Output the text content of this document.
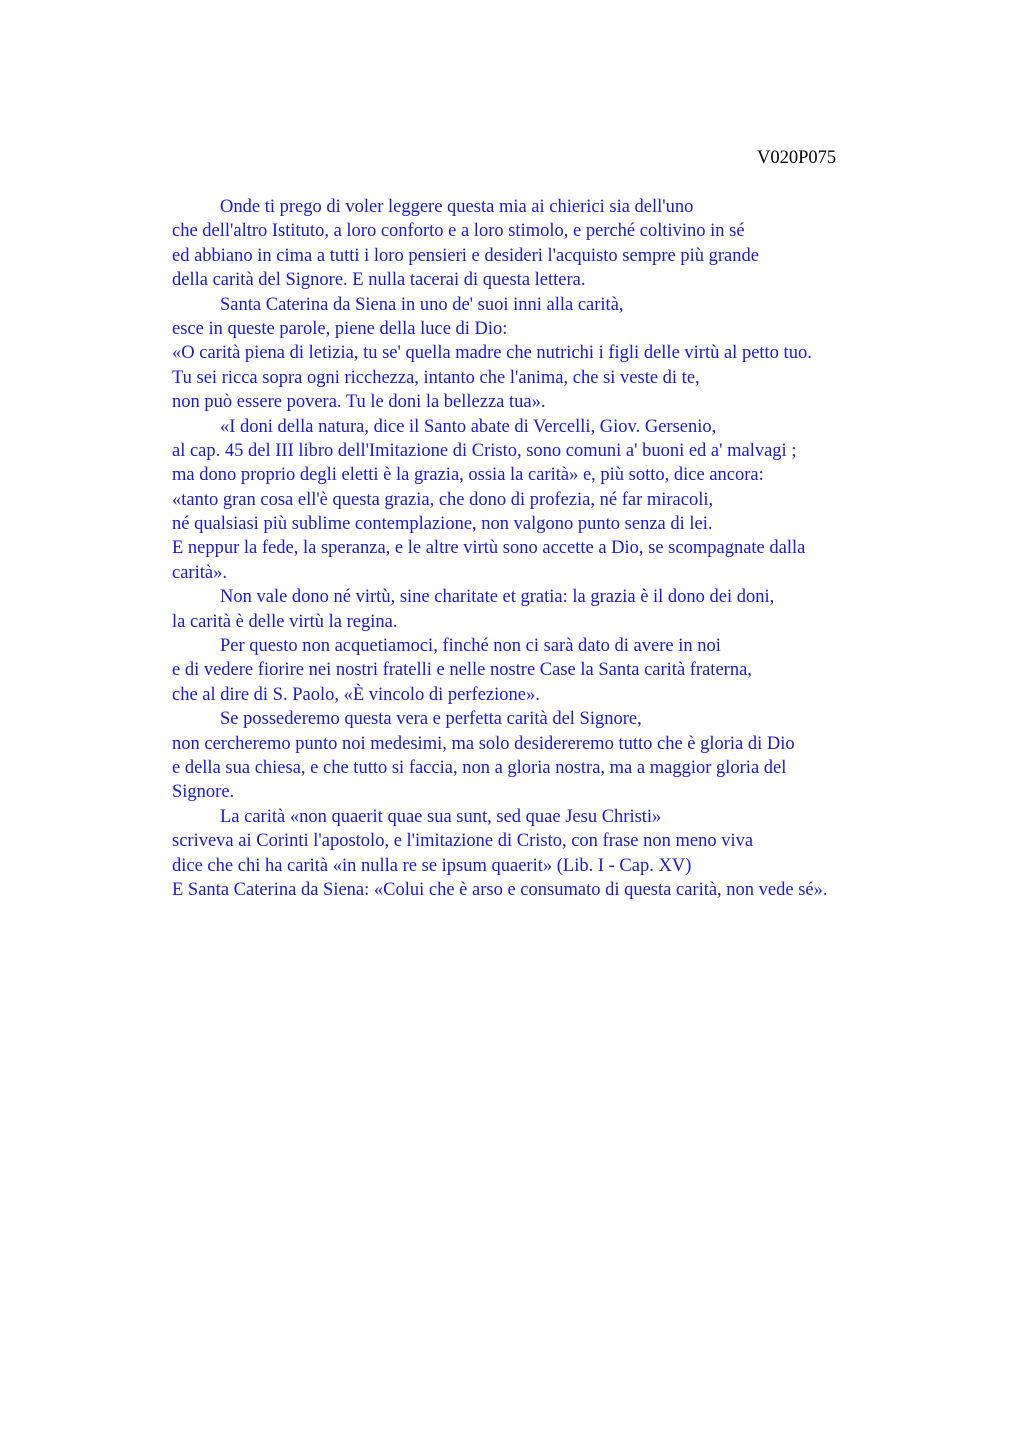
V020P075
Onde ti prego di voler leggere questa mia ai chierici sia dell'uno
che dell'altro Istituto, a loro conforto e a loro stimolo, e perché coltivino in sé
ed abbiano in cima a tutti i loro pensieri e desideri l'acquisto sempre più grande
della carità del Signore. E nulla tacerai di questa lettera.
Santa Caterina da Siena in uno de' suoi inni alla carità,
esce in queste parole, piene della luce di Dio:
«O carità piena di letizia, tu se' quella madre che nutrichi i figli delle virtù al petto tuo.
Tu sei ricca sopra ogni ricchezza, intanto che l'anima, che si veste di te,
non può essere povera. Tu le doni la bellezza tua».
«I doni della natura, dice il Santo abate di Vercelli, Giov. Gersenio,
al cap. 45 del III libro dell'Imitazione di Cristo, sono comuni a' buoni ed a' malvagi ;
ma dono proprio degli eletti è la grazia, ossia la carità» e, più sotto, dice ancora:
«tanto gran cosa ell'è questa grazia, che dono di profezia, né far miracoli,
né qualsiasi più sublime contemplazione, non valgono punto senza di lei.
E neppur la fede, la speranza, e le altre virtù sono accette a Dio, se scompagnate dalla
carità».
Non vale dono né virtù, sine charitate et gratia: la grazia è il dono dei doni,
la carità è delle virtù la regina.
Per questo non acquetiamoci, finché non ci sarà dato di avere in noi
e di vedere fiorire nei nostri fratelli e nelle nostre Case la Santa carità fraterna,
che al dire di S. Paolo, «È vincolo di perfezione».
Se possederemo questa vera e perfetta carità del Signore,
non cercheremo punto noi medesimi, ma solo desidereremo tutto che è gloria di Dio
e della sua chiesa, e che tutto si faccia, non a gloria nostra, ma a maggior gloria del
Signore.
La carità «non quaerit quae sua sunt, sed quae Jesu Christi»
scriveva ai Corinti l'apostolo, e l'imitazione di Cristo, con frase non meno viva
dice che chi ha carità «in nulla re se ipsum quaerit» (Lib. I - Cap. XV)
E Santa Caterina da Siena: «Colui che è arso e consumato di questa carità, non vede sé».
